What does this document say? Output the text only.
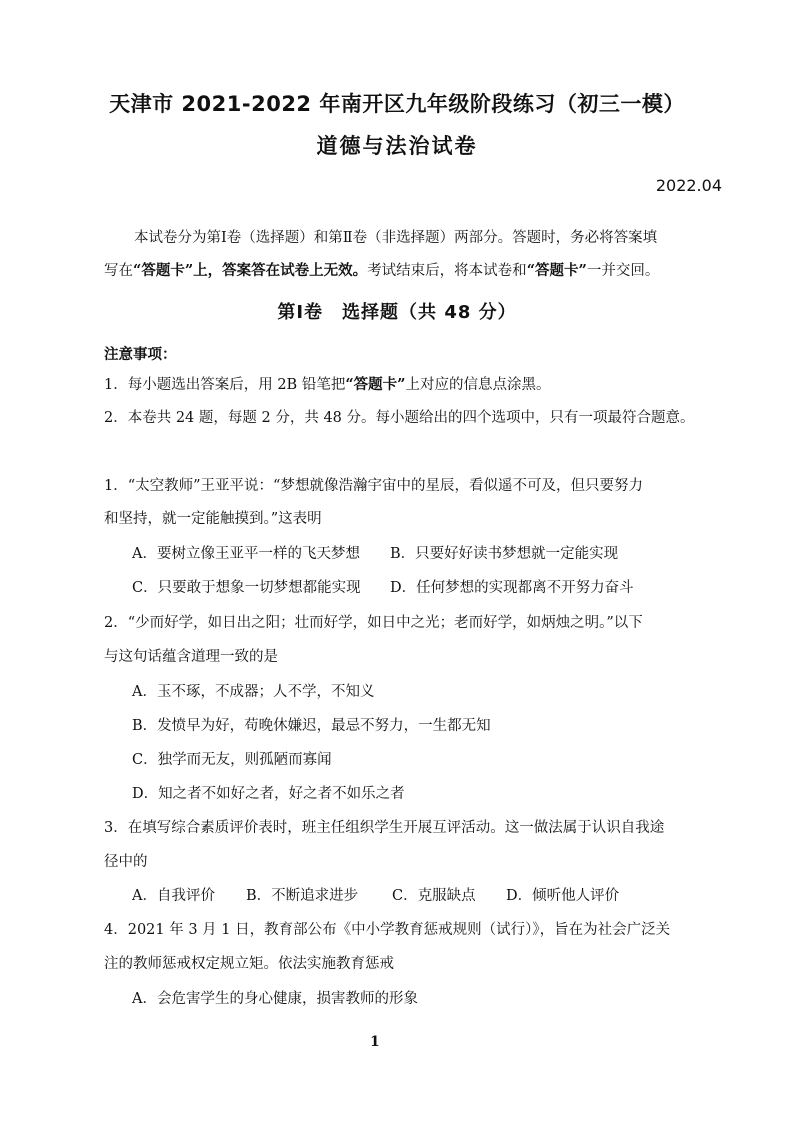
天津市 2021-2022 年南开区九年级阶段练习（初三一模）
道德与法治试卷
2022.04
本试卷分为第Ⅰ卷（选择题）和第Ⅱ卷（非选择题）两部分。答题时，务必将答案填
写在“答题卡”上，答案答在试卷上无效。考试结束后，将本试卷和“答题卡”一并交回。
第Ⅰ卷　选择题（共 48 分）
注意事项：
1．每小题选出答案后，用 2B 铅笔把“答题卡”上对应的信息点涂黑。
2．本卷共 24 题，每题 2 分，共 48 分。每小题给出的四个选项中，只有一项最符合题意。
1．“太空教师”王亚平说：“梦想就像浩瀚宇宙中的星辰，看似遥不可及，但只要努力
和坚持，就一定能触摸到。”这表明
A．要树立像王亚平一样的飞天梦想 B．只要好好读书梦想就一定能实现
C．只要敢于想象一切梦想都能实现 D．任何梦想的实现都离不开努力奋斗
2．“少而好学，如日出之阳；壮而好学，如日中之光；老而好学，如炳烛之明。”以下
与这句话蕴含道理一致的是
A．玉不琢，不成器；人不学，不知义
B．发愤早为好，苟晚休嫌迟，最忌不努力，一生都无知
C．独学而无友，则孤陋而寡闻
D．知之者不如好之者，好之者不如乐之者
3．在填写综合素质评价表时，班主任组织学生开展互评活动。这一做法属于认识自我途
径中的
A．自我评价 B．不断追求进步 C．克服缺点 D．倾听他人评价
4．2021 年 3 月 1 日，教育部公布《中小学教育惩戒规则（试行）》，旨在为社会广泛关
注的教师惩戒权定规立矩。依法实施教育惩戒
A．会危害学生的身心健康，损害教师的形象
1
